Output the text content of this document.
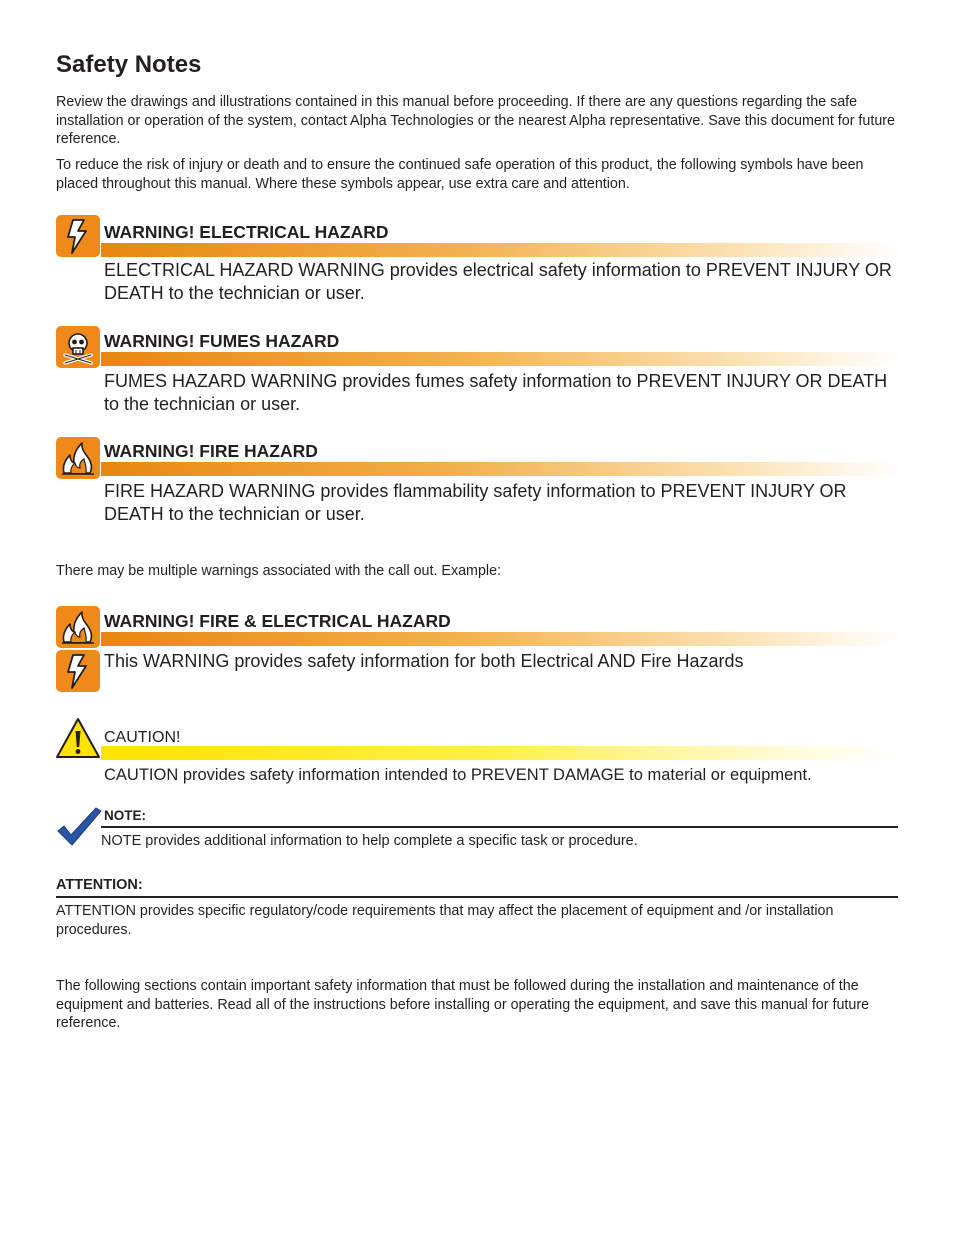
Safety Notes

Review the drawings and illustrations contained in this manual before proceeding. If there are any questions regarding the safe installation or operation of the system, contact Alpha Technologies or the nearest Alpha representative. Save this document for future reference.

To reduce the risk of injury or death and to ensure the continued safe operation of this product, the following symbols have been placed throughout this manual. Where these symbols appear, use extra care and attention.

WARNING! ELECTRICAL HAZARD

ELECTRICAL HAZARD WARNING provides electrical safety information to PREVENT INJURY OR DEATH to the technician or user.

WARNING! FUMES HAZARD

FUMES HAZARD WARNING provides fumes safety information to PREVENT INJURY OR DEATH to the technician or user.

WARNING! FIRE HAZARD

FIRE HAZARD WARNING provides flammability safety information to PREVENT INJURY OR DEATH to the technician or user.

There may be multiple warnings associated with the call out. Example:

WARNING! FIRE & ELECTRICAL HAZARD

This WARNING provides safety information for both Electrical AND Fire Hazards

CAUTION!

CAUTION provides safety information intended to PREVENT DAMAGE to material or equipment.

NOTE:

NOTE provides additional information to help complete a specific task or procedure.

ATTENTION:

ATTENTION provides specific regulatory/code requirements that may affect the placement of equipment and /or installation procedures.

The following sections contain important safety information that must be followed during the installation and maintenance of the equipment and batteries. Read all of the instructions before installing or operating the equipment, and save this manual for future reference.
